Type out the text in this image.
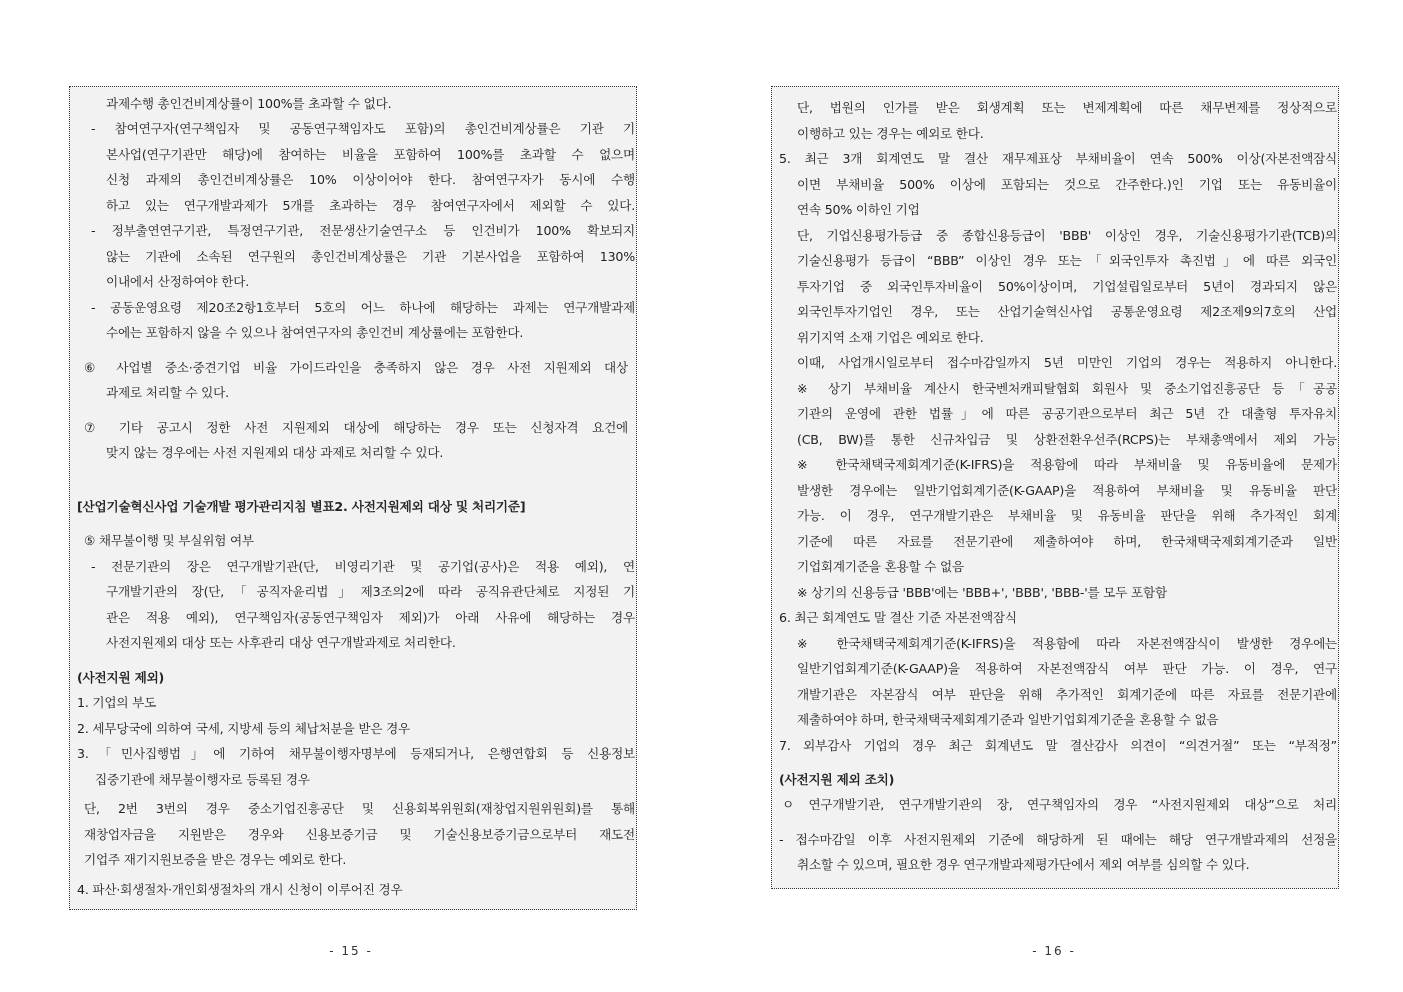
과제수행 총인건비계상률이 100%를 초과할 수 없다.

- 참여연구자(연구책임자 및 공동연구책임자도 포함)의 총인건비계상률은 기관 기

본사업(연구기관만 해당)에 참여하는 비율을 포함하여 100%를 초과할 수 없으며

신청 과제의 총인건비계상률은 10% 이상이어야 한다. 참여연구자가 동시에 수행

하고 있는 연구개발과제가 5개를 초과하는 경우 참여연구자에서 제외할 수 있다.

- 정부출연연구기관, 특정연구기관, 전문생산기술연구소 등 인건비가 100% 확보되지

않는 기관에 소속된 연구원의 총인건비계상률은 기관 기본사업을 포함하여 130%

이내에서 산정하여야 한다.

- 공동운영요령 제20조2항1호부터 5호의 어느 하나에 해당하는 과제는 연구개발과제

수에는 포함하지 않을 수 있으나 참여연구자의 총인건비 계상률에는 포함한다.

⑥ 사업별 중소·중견기업 비율 가이드라인을 충족하지 않은 경우 사전 지원제외 대상

과제로 처리할 수 있다.

⑦ 기타 공고시 정한 사전 지원제외 대상에 해당하는 경우 또는 신청자격 요건에

맞지 않는 경우에는 사전 지원제외 대상 과제로 처리할 수 있다.

[산업기술혁신사업 기술개발 평가관리지침 별표2. 사전지원제외 대상 및 처리기준]

⑤ 채무불이행 및 부실위험 여부

- 전문기관의 장은 연구개발기관(단, 비영리기관 및 공기업(공사)은 적용 예외), 연

구개발기관의 장(단,「공직자윤리법」제3조의2에 따라 공직유관단체로 지정된 기

관은 적용 예외), 연구책임자(공동연구책임자 제외)가 아래 사유에 해당하는 경우

사전지원제외 대상 또는 사후관리 대상 연구개발과제로 처리한다.

(사전지원 제외)

1. 기업의 부도

2. 세무당국에 의하여 국세, 지방세 등의 체납처분을 받은 경우

3.「민사집행법」에 기하여 채무불이행자명부에 등재되거나, 은행연합회 등 신용정보

집중기관에 채무불이행자로 등록된 경우

단, 2번 3번의 경우 중소기업진흥공단 및 신용회복위원회(재창업지원위원회)를 통해

재창업자금을 지원받은 경우와 신용보증기금 및 기술신용보증기금으로부터 재도전

기업주 재기지원보증을 받은 경우는 예외로 한다.

4. 파산·회생절차·개인회생절차의 개시 신청이 이루어진 경우

- 15 -

단, 법원의 인가를 받은 회생계획 또는 변제계획에 따른 채무변제를 정상적으로

이행하고 있는 경우는 예외로 한다.

5. 최근 3개 회계연도 말 결산 재무제표상 부채비율이 연속 500% 이상(자본전액잠식

이면 부채비율 500% 이상에 포함되는 것으로 간주한다.)인 기업 또는 유동비율이

연속 50% 이하인 기업

단, 기업신용평가등급 중 종합신용등급이 'BBB' 이상인 경우, 기술신용평가기관(TCB)의

기술신용평가 등급이 “BBB” 이상인 경우 또는「외국인투자 촉진법」에 따른 외국인

투자기업 중 외국인투자비율이 50%이상이며, 기업설립일로부터 5년이 경과되지 않은

외국인투자기업인 경우, 또는 산업기술혁신사업 공통운영요령 제2조제9의7호의 산업

위기지역 소재 기업은 예외로 한다.

이때, 사업개시일로부터 접수마감일까지 5년 미만인 기업의 경우는 적용하지 아니한다.

※ 상기 부채비율 계산시 한국벤처캐피탈협회 회원사 및 중소기업진흥공단 등「공공

기관의 운영에 관한 법률」에 따른 공공기관으로부터 최근 5년 간 대출형 투자유치

(CB, BW)를 통한 신규차입금 및 상환전환우선주(RCPS)는 부채총액에서 제외 가능

※ 한국채택국제회계기준(K-IFRS)을 적용함에 따라 부채비율 및 유동비율에 문제가

발생한 경우에는 일반기업회계기준(K-GAAP)을 적용하여 부채비율 및 유동비율 판단

가능. 이 경우, 연구개발기관은 부채비율 및 유동비율 판단을 위해 추가적인 회계

기준에 따른 자료를 전문기관에 제출하여야 하며, 한국채택국제회계기준과 일반

기업회계기준을 혼용할 수 없음

※ 상기의 신용등급 'BBB'에는 'BBB+', 'BBB', 'BBB-'를 모두 포함함

6. 최근 회계연도 말 결산 기준 자본전액잠식

※ 한국채택국제회계기준(K-IFRS)을 적용함에 따라 자본전액잠식이 발생한 경우에는

일반기업회계기준(K-GAAP)을 적용하여 자본전액잠식 여부 판단 가능. 이 경우, 연구

개발기관은 자본잠식 여부 판단을 위해 추가적인 회계기준에 따른 자료를 전문기관에

제출하여야 하며, 한국채택국제회계기준과 일반기업회계기준을 혼용할 수 없음

7. 외부감사 기업의 경우 최근 회계년도 말 결산감사 의견이 “의견거절” 또는 “부적정”

(사전지원 제외 조치)

ㅇ 연구개발기관, 연구개발기관의 장, 연구책임자의 경우 “사전지원제외 대상”으로 처리

- 접수마감일 이후 사전지원제외 기준에 해당하게 된 때에는 해당 연구개발과제의 선정을

취소할 수 있으며, 필요한 경우 연구개발과제평가단에서 제외 여부를 심의할 수 있다.

- 16 -
